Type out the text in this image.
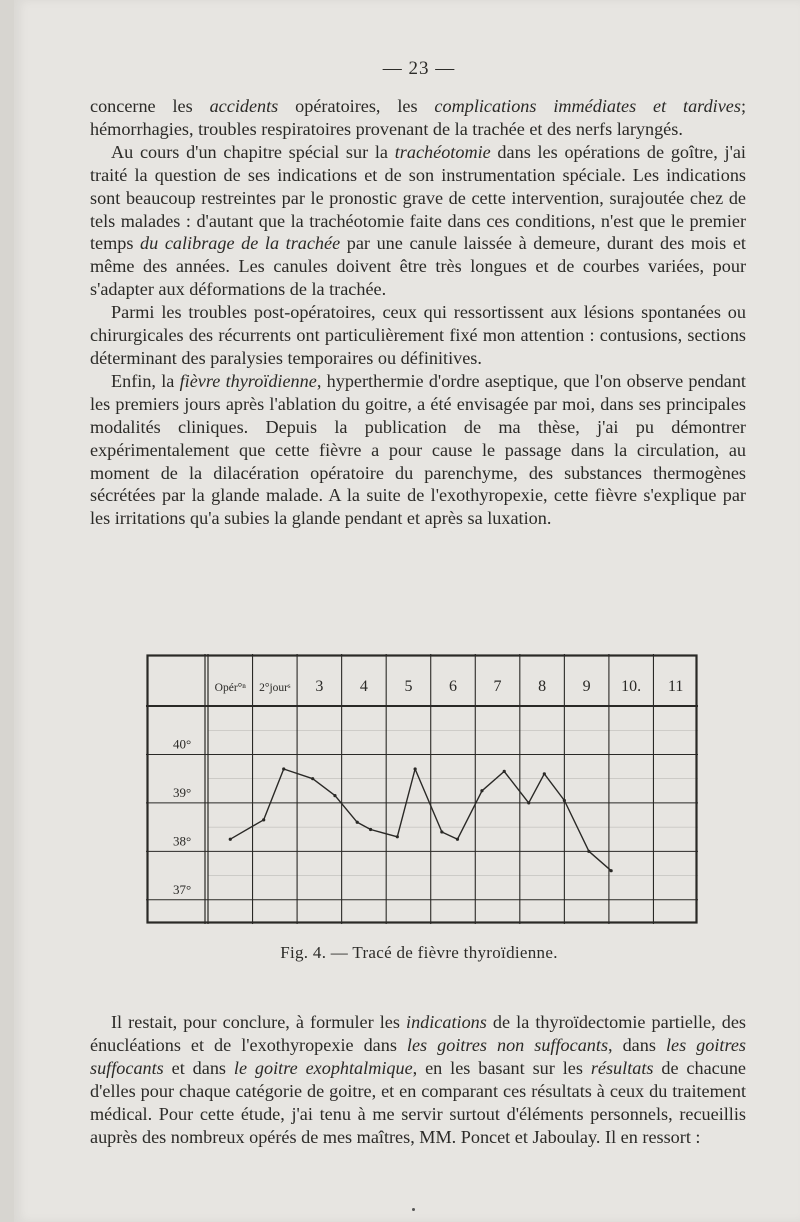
— 23 —

concerne les accidents opératoires, les complications immédiates et tardives; hémorrhagies, troubles respiratoires provenant de la trachée et des nerfs laryngés.

Au cours d'un chapitre spécial sur la trachéotomie dans les opérations de goître, j'ai traité la question de ses indications et de son instrumentation spéciale. Les indications sont beaucoup restreintes par le pronostic grave de cette intervention, surajoutée chez de tels malades : d'autant que la trachéotomie faite dans ces conditions, n'est que le premier temps du calibrage de la trachée par une canule laissée à demeure, durant des mois et même des années. Les canules doivent être très longues et de courbes variées, pour s'adapter aux déformations de la trachée.

Parmi les troubles post-opératoires, ceux qui ressortissent aux lésions spontanées ou chirurgicales des récurrents ont particulièrement fixé mon attention : contusions, sections déterminant des paralysies temporaires ou définitives.

Enfin, la fièvre thyroïdienne, hyperthermie d'ordre aseptique, que l'on observe pendant les premiers jours après l'ablation du goitre, a été envisagée par moi, dans ses principales modalités cliniques. Depuis la publication de ma thèse, j'ai pu démontrer expérimentalement que cette fièvre a pour cause le passage dans la circulation, au moment de la dilacération opératoire du parenchyme, des substances thermogènes sécrétées par la glande malade. A la suite de l'exothyropexie, cette fièvre s'explique par les irritations qu'a subies la glande pendant et après sa luxation.

40°
39°
38°
37°
Opér°ⁿ 2°jourˢ 3 4 5 6 7 8 9 10. 11
Fig. 4. — Tracé de fièvre thyroïdienne.

Il restait, pour conclure, à formuler les indications de la thyroïdectomie partielle, des énucléations et de l'exothyropexie dans les goitres non suffocants, dans les goitres suffocants et dans le goitre exophtalmique, en les basant sur les résultats de chacune d'elles pour chaque catégorie de goitre, et en comparant ces résultats à ceux du traitement médical. Pour cette étude, j'ai tenu à me servir surtout d'éléments personnels, recueillis auprès des nombreux opérés de mes maîtres, MM. Poncet et Jaboulay. Il en ressort :
